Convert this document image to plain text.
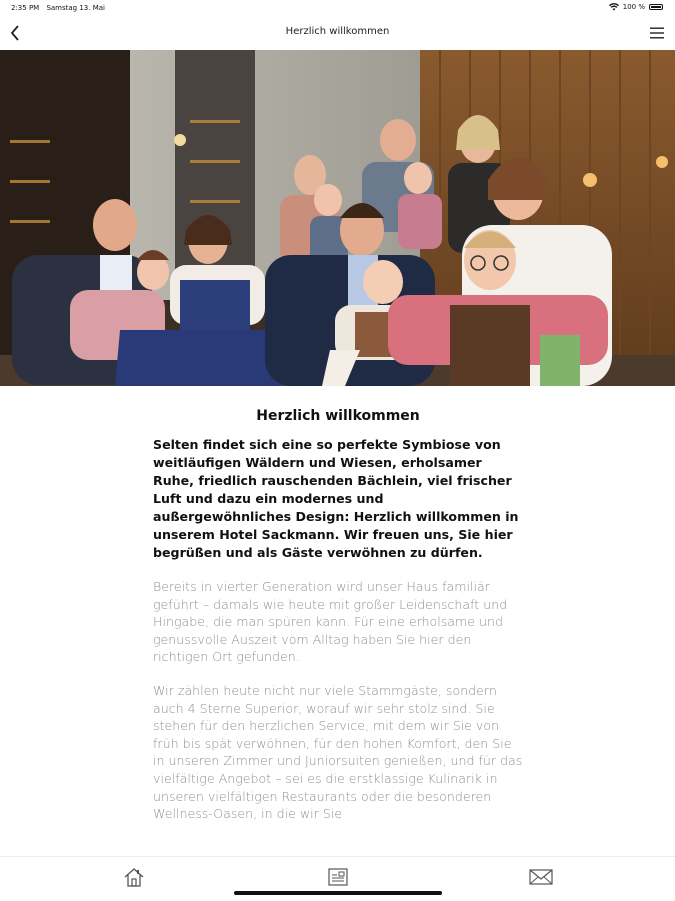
2:35 PM Samstag 13. Mai	100 %
Herzlich willkommen
Herzlich willkommen

Selten findet sich eine so perfekte Symbiose von weitläufigen Wäldern und Wiesen, erholsamer Ruhe, friedlich rauschenden Bächlein, viel frischer Luft und dazu ein modernes und außergewöhnliches Design: Herzlich willkommen in unserem Hotel Sackmann. Wir freuen uns, Sie hier begrüßen und als Gäste verwöhnen zu dürfen.

Bereits in vierter Generation wird unser Haus familiär geführt – damals wie heute mit großer Leidenschaft und Hingabe, die man spüren kann. Für eine erholsame und genussvolle Auszeit vom Alltag haben Sie hier den richtigen Ort gefunden.

Wir zählen heute nicht nur viele Stammgäste, sondern auch 4 Sterne Superior, worauf wir sehr stolz sind. Sie stehen für den herzlichen Service, mit dem wir Sie von früh bis spät verwöhnen, für den hohen Komfort, den Sie in unseren Zimmer und Juniorsuiten genießen, und für das vielfältige Angebot – sei es die erstklassige Kulinarik in unseren vielfältigen Restaurants oder die besonderen Wellness-Oasen, in die wir Sie
